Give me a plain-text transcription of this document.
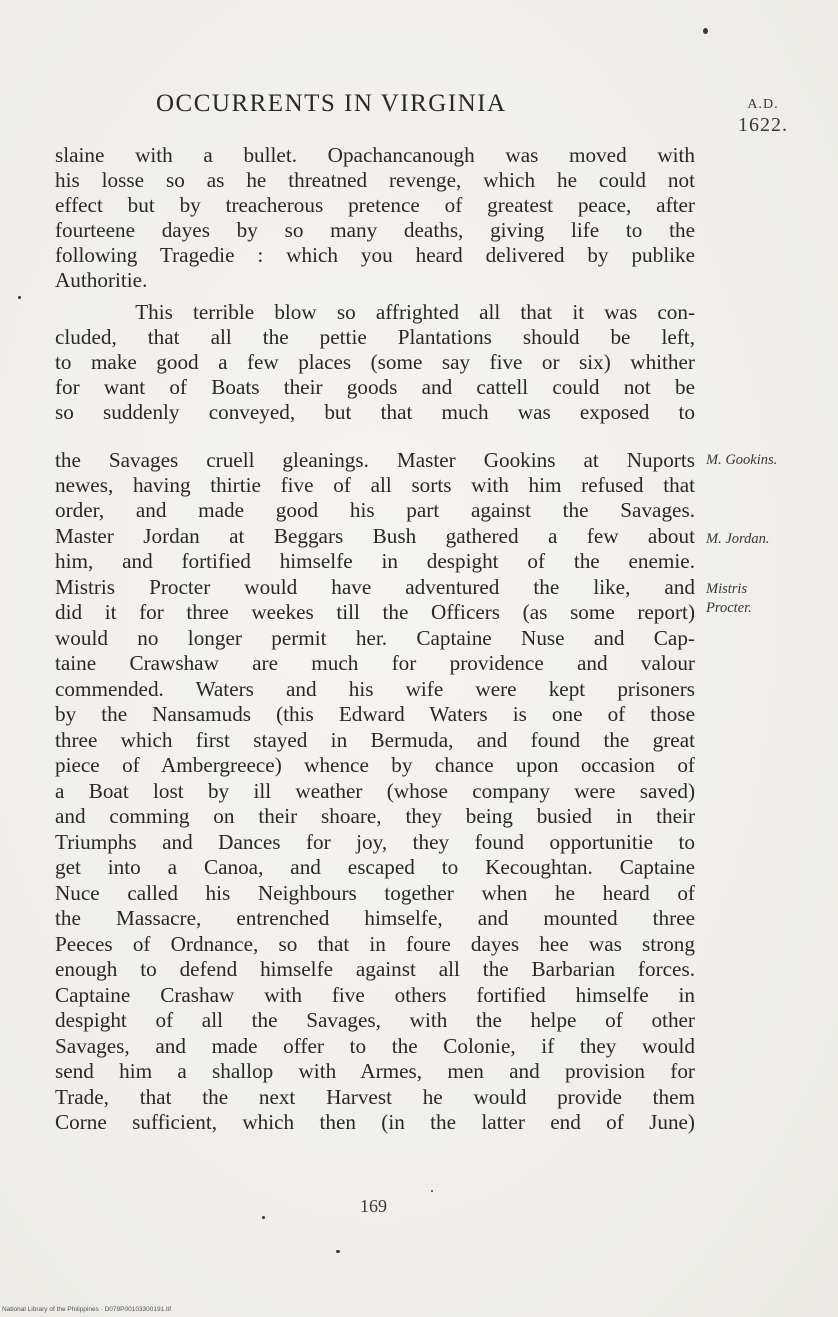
OCCURRENTS IN VIRGINIA	A.D.
1622.
slaine with a bullet. Opachancanough was moved with
his losse so as he threatned revenge, which he could not
effect but by treacherous pretence of greatest peace, after
fourteene dayes by so many deaths, giving life to the
following Tragedie : which you heard delivered by publike
Authoritie.
This terrible blow so affrighted all that it was con-
cluded, that all the pettie Plantations should be left,
to make good a few places (some say five or six) whither
for want of Boats their goods and cattell could not be
so suddenly conveyed, but that much was exposed to
the Savages cruell gleanings. Master Gookins at Nuports
newes, having thirtie five of all sorts with him refused that
order, and made good his part against the Savages.
Master Jordan at Beggars Bush gathered a few about
him, and fortified himselfe in despight of the enemie.
Mistris Procter would have adventured the like, and
did it for three weekes till the Officers (as some report)
would no longer permit her. Captaine Nuse and Cap-
taine Crawshaw are much for providence and valour
commended. Waters and his wife were kept prisoners
by the Nansamuds (this Edward Waters is one of those
three which first stayed in Bermuda, and found the great
piece of Ambergreece) whence by chance upon occasion of
a Boat lost by ill weather (whose company were saved)
and comming on their shoare, they being busied in their
Triumphs and Dances for joy, they found opportunitie to
get into a Canoa, and escaped to Kecoughtan. Captaine
Nuce called his Neighbours together when he heard of
the Massacre, entrenched himselfe, and mounted three
Peeces of Ordnance, so that in foure dayes hee was strong
enough to defend himselfe against all the Barbarian forces.
Captaine Crashaw with five others fortified himselfe in
despight of all the Savages, with the helpe of other
Savages, and made offer to the Colonie, if they would
send him a shallop with Armes, men and provision for
Trade, that the next Harvest he would provide them
Corne sufficient, which then (in the latter end of June)
M. Gookins.
M. Jordan.
Mistris
Procter.
169
National Library of the Philippines · D079P00103300191.tif
